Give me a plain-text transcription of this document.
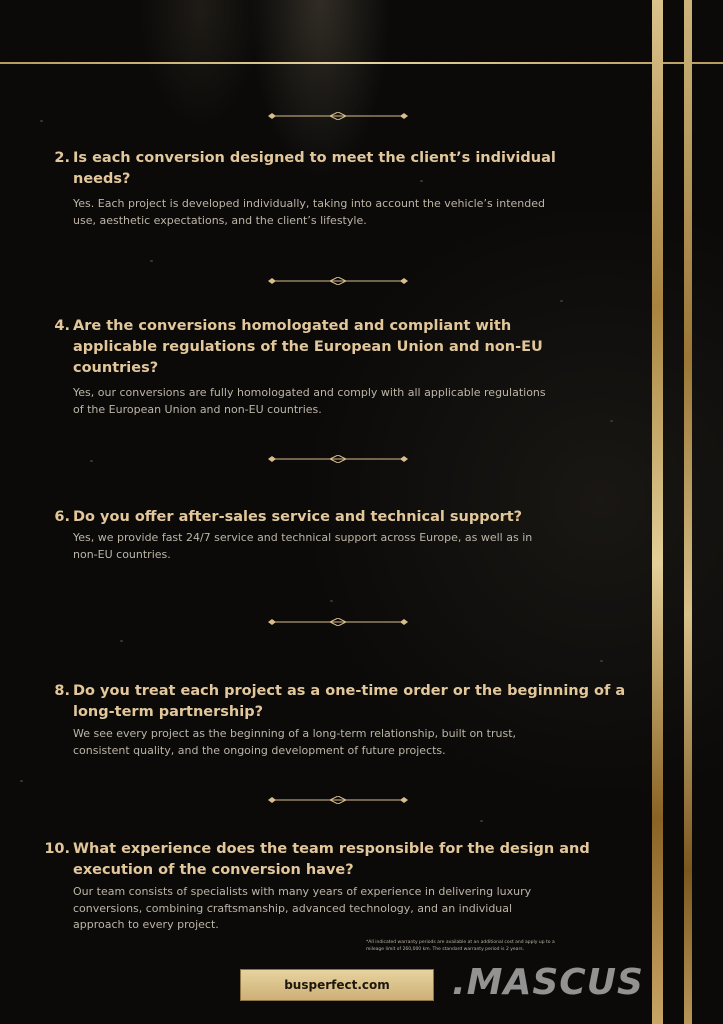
2. Is each conversion designed to meet the client’s individual
needs?
Yes. Each project is developed individually, taking into account the vehicle’s intended
use, aesthetic expectations, and the client’s lifestyle.
4. Are the conversions homologated and compliant with
applicable regulations of the European Union and non-EU
countries?
Yes, our conversions are fully homologated and comply with all applicable regulations
of the European Union and non-EU countries.
6. Do you offer after-sales service and technical support?
Yes, we provide fast 24/7 service and technical support across Europe, as well as in
non-EU countries.
8. Do you treat each project as a one-time order or the beginning of a
long-term partnership?
We see every project as the beginning of a long-term relationship, built on trust,
consistent quality, and the ongoing development of future projects.
10. What experience does the team responsible for the design and
execution of the conversion have?
Our team consists of specialists with many years of experience in delivering luxury
conversions, combining craftsmanship, advanced technology, and an individual
approach to every project.
*All indicated warranty periods are available at an additional cost and apply up to a
mileage limit of 260,000 km. The standard warranty period is 2 years.
busperfect.com	.MASCUS
